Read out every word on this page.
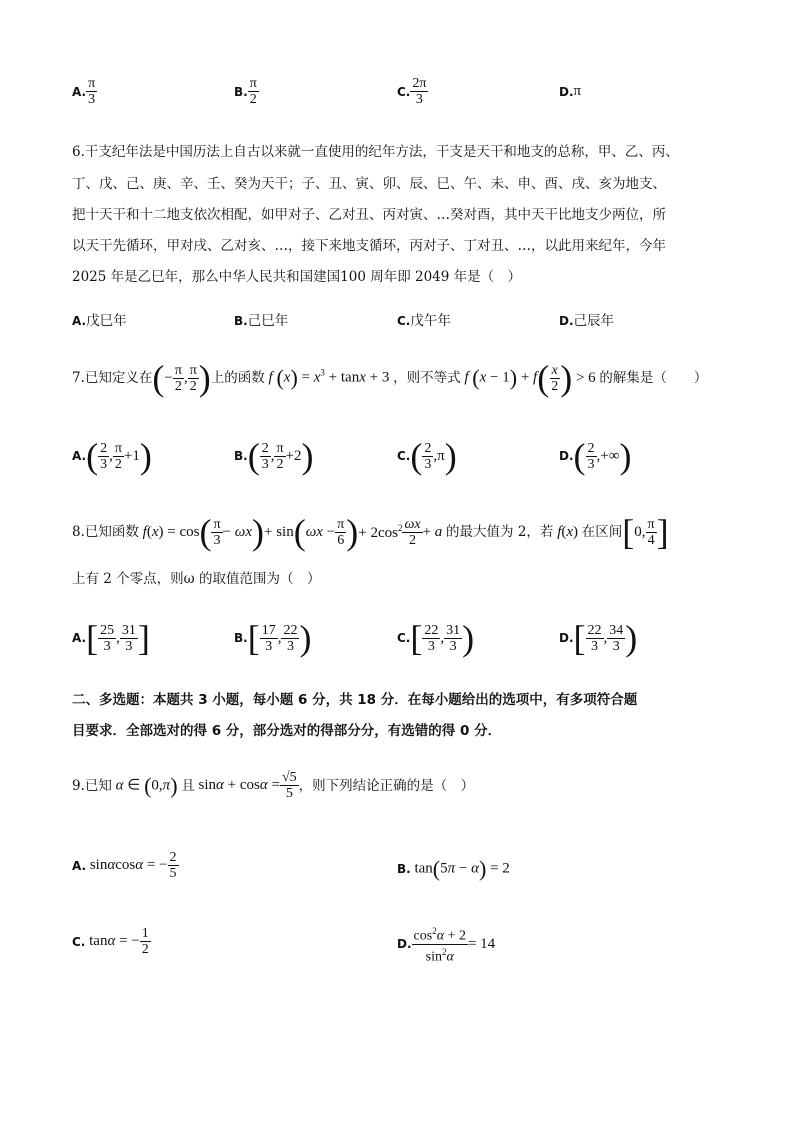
A. $\frac{\pi}{3}$	B. $\frac{\pi}{2}$	C. $\frac{2\pi}{3}$	D. π
6.干支纪年法是中国历法上自古以来就一直使用的纪年方法，干支是天干和地支的总称，甲、乙、丙、
丁、戊、己、庚、辛、壬、癸为天干；子、丑、寅、卯、辰、巳、午、未、申、酉、戌、亥为地支、
把十天干和十二地支依次相配，如甲对子、乙对丑、丙对寅、…癸对酉，其中天干比地支少两位，所
以天干先循环，甲对戌、乙对亥、…，接下来地支循环，丙对子、丁对丑、…，以此用来纪年，今年
2025 年是乙巳年，那么中华人民共和国建国100 周年即 2049 年是（　）
A.戊巳年	B.己巳年	C.戊午年	D.己辰年
7.已知定义在 ( − $\frac{\pi}{2}$ , $\frac{\pi}{2}$ ) 上的函数 f $(x) = x^3 + \tan x + 3$ ，则不等式 f (x − 1) + f ( $\frac{x}{2}$ ) > 6 的解集是（　　）
A. ( $\frac{2}{3}$ , $\frac{\pi}{2} +1$ )	B. ( $\frac{2}{3}$ , $\frac{\pi}{2} +2$ )	C. ( $\frac{2}{3} ,\pi$ )	D. ( $\frac{2}{3}$ ,+∞ )
8.已知函数 f(x) = cos ( $\frac{\pi}{3} - \omega x$ ) + sin ( $\omega x - \frac{\pi}{6}$ ) + $2\cos^2 \frac{\omega x}{2} + a$ 的最大值为 2，若 f(x) 在区间 [ 0, $\frac{\pi}{4}$ ]
上有 2 个零点，则ω 的取值范围为（　）
A. [ $\frac{25}{3}$ , $\frac{31}{3}$ ]	B. [ $\frac{17}{3}$ , $\frac{22}{3}$ )	C. [ $\frac{22}{3}$ , $\frac{31}{3}$ )	D. [ $\frac{22}{3}$ , $\frac{34}{3}$ )
二、多选题：本题共 3 小题，每小题 6 分，共 18 分．在每小题给出的选项中，有多项符合题
目要求．全部选对的得 6 分，部分选对的得部分分，有选错的得 0 分．
9.已知 α ∈ (0,π) 且 $\sin\alpha + \cos\alpha = \frac{√5}{5}$ ，则下列结论正确的是（　）
A. sinαcosα = − $\frac{2}{5}$	B. tan(5π − α) = 2
C. tanα = − $\frac{1}{2}$	D. $\frac{\cos^2\alpha + 2}{\sin^2\alpha} = 14$
